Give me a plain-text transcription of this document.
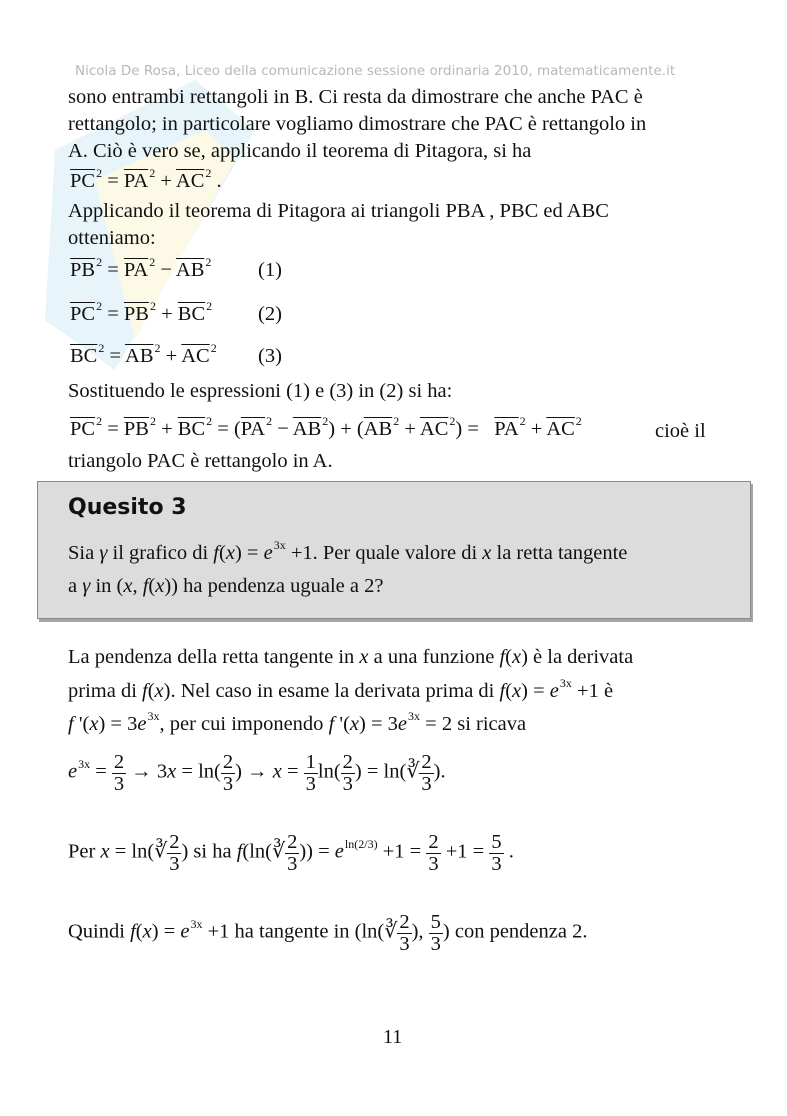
Nicola De Rosa, Liceo della comunicazione sessione ordinaria 2010, matematicamente.it
sono entrambi rettangoli in B. Ci resta da dimostrare che anche PAC è
rettangolo; in particolare vogliamo dimostrare che PAC è rettangolo in
A. Ciò è vero se, applicando il teorema di Pitagora, si ha
$\overline{PC}^2 = \overline{PA}^2 + \overline{AC}^2$ .
Applicando il teorema di Pitagora ai triangoli PBA , PBC ed ABC
otteniamo:
$\overline{PB}^2 = \overline{PA}^2 - \overline{AB}^2$ (1)
$\overline{PC}^2 = \overline{PB}^2 + \overline{BC}^2$ (2)
$\overline{BC}^2 = \overline{AB}^2 + \overline{AC}^2$ (3)
Sostituendo le espressioni (1) e (3) in (2) si ha:
$\overline{PC}^2 = \overline{PB}^2 + \overline{BC}^2 = (\overline{PA}^2 - \overline{AB}^2) + (\overline{AB}^2 + \overline{AC}^2) = \overline{PA}^2 + \overline{AC}^2$	cioè il
triangolo PAC è rettangolo in A.
Quesito 3
Sia γ il grafico di $f(x) = e^{3x} +1$. Per quale valore di x la retta tangente
a γ in (x, f(x)) ha pendenza uguale a 2?
La pendenza della retta tangente in x a una funzione f(x) è la derivata
prima di f(x). Nel caso in esame la derivata prima di $f(x) = e^{3x} +1$ è
f '$(x) = 3e^{3x}$, per cui imponendo f '$(x) = 3e^{3x} = 2$ si ricava
$e^{3x} = \frac{2}{3} \to 3x = \ln( \frac{2}{3}$ ) → $x = \frac{1}{3} \ln( \frac{2}{3}$ ) = ln(∛ $\frac{2}{3}$ ).
Per x = ln(∛ $\frac{2}{3}$ ) si ha f(ln(∛ $\frac{2}{3}$ )) = $e^{ln(2/3)} +1 = \frac{2}{3} +1 = \frac{5}{3}$ .
Quindi $f(x) = e^{3x} +1$ ha tangente in (ln(∛ $\frac{2}{3}$ ), $\frac{5}{3}$ ) con pendenza 2.
11
